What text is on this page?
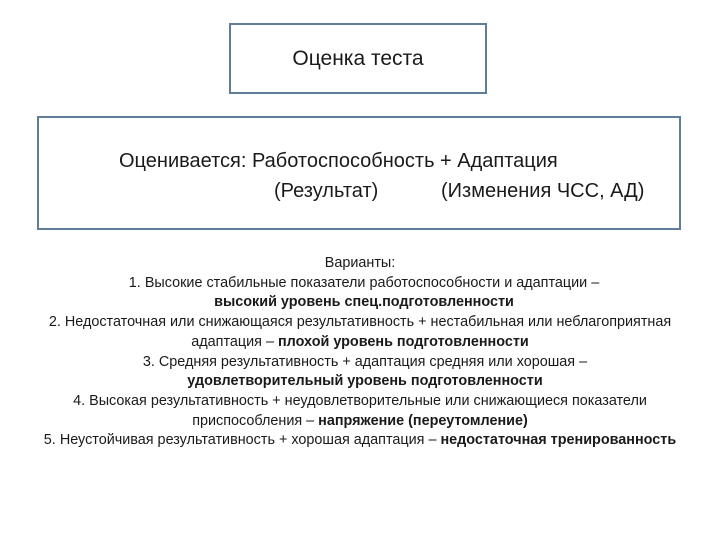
Оценка теста
Оценивается: Работоспособность + Адаптация
(Результат)	(Изменения ЧСС, АД)
Варианты:
1. Высокие стабильные показатели работоспособности и адаптации –
высокий уровень спец.подготовленности
2. Недостаточная или снижающаяся результативность + нестабильная или неблагоприятная адаптация – плохой уровень подготовленности
3. Средняя результативность + адаптация средняя или хорошая –
удовлетворительный уровень подготовленности
4. Высокая результативность + неудовлетворительные или снижающиеся показатели приспособления – напряжение (переутомление)
5. Неустойчивая результативность + хорошая адаптация – недостаточная тренированность
